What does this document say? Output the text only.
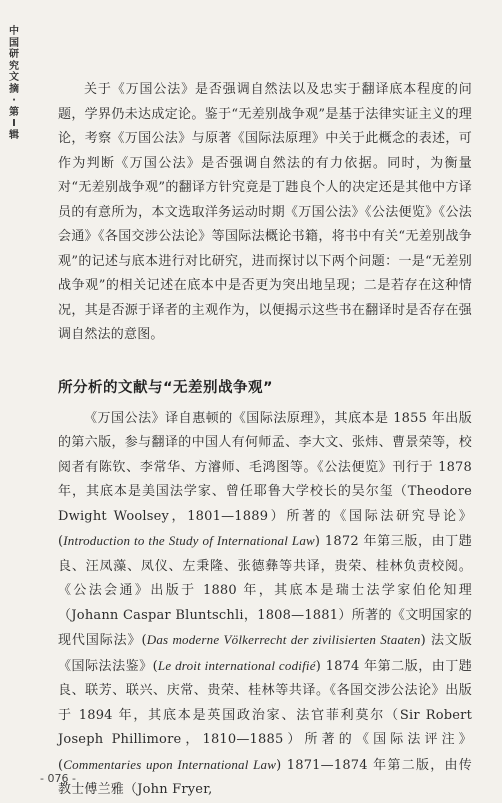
中国研究文摘 · 第 I 辑

关于《万国公法》是否强调自然法以及忠实于翻译底本程度的问题，学界仍未达成定论。鉴于“无差别战争观”是基于法律实证主义的理论，考察《万国公法》与原著《国际法原理》中关于此概念的表述，可作为判断《万国公法》是否强调自然法的有力依据。同时，为衡量对“无差别战争观”的翻译方针究竟是丁韪良个人的决定还是其他中方译员的有意所为，本文选取洋务运动时期《万国公法》《公法便览》《公法会通》《各国交涉公法论》等国际法概论书籍，将书中有关“无差别战争观”的记述与底本进行对比研究，进而探讨以下两个问题：一是“无差别战争观”的相关记述在底本中是否更为突出地呈现；二是若存在这种情况，其是否源于译者的主观作为，以便揭示这些书在翻译时是否存在强调自然法的意图。

所分析的文献与“无差别战争观”

《万国公法》译自惠顿的《国际法原理》，其底本是 1855 年出版的第六版，参与翻译的中国人有何师孟、李大文、张炜、曹景荣等，校阅者有陈钦、李常华、方濬师、毛鸿图等。《公法便览》刊行于 1878 年，其底本是美国法学家、曾任耶鲁大学校长的吴尔玺（Theodore Dwight Woolsey，1801—1889）所著的《国际法研究导论》(Introduction to the Study of International Law) 1872 年第三版，由丁韪良、汪凤藻、凤仪、左秉隆、张德彝等共译，贵荣、桂林负责校阅。《公法会通》出版于 1880 年，其底本是瑞士法学家伯伦知理（Johann Caspar Bluntschli，1808—1881）所著的《文明国家的现代国际法》(Das moderne Völkerrecht der zivilisierten Staaten) 法文版《国际法法鉴》(Le droit international codifié) 1874 年第二版，由丁韪良、联芳、联兴、庆常、贵荣、桂林等共译。《各国交涉公法论》出版于 1894 年，其底本是英国政治家、法官菲利莫尔（Sir Robert Joseph Phillimore，1810—1885）所著的《国际法评注》(Commentaries upon International Law) 1871—1874 年第二版，由传教士傅兰雅（John Fryer,

- 076 -
